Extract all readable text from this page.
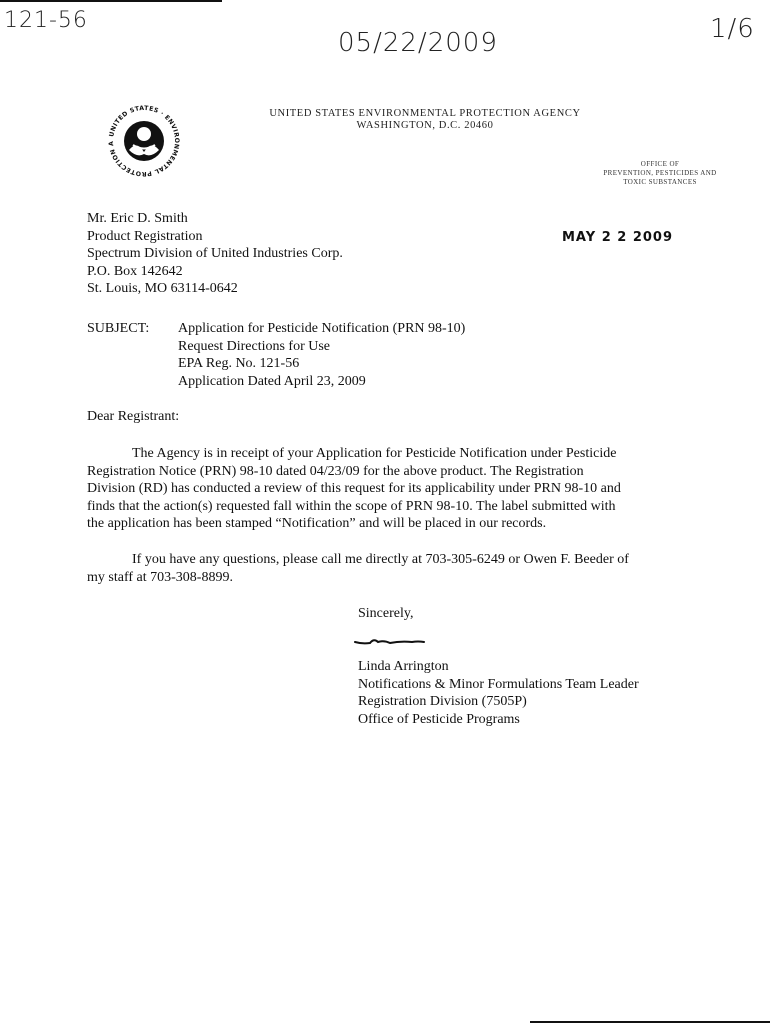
121-56
05/22/2009	1/6
UNITED STATES · ENVIRONMENTAL PROTECTION A
UNITED STATES ENVIRONMENTAL PROTECTION AGENCY
WASHINGTON, D.C. 20460
OFFICE OF
PREVENTION, PESTICIDES AND
TOXIC SUBSTANCES
Mr. Eric D. Smith
Product Registration
Spectrum Division of United Industries Corp.
P.O. Box 142642
St. Louis, MO 63114-0642
MAY 2 2 2009
SUBJECT: Application for Pesticide Notification (PRN 98-10)
Request Directions for Use
EPA Reg. No. 121-56
Application Dated April 23, 2009
Dear Registrant:
The Agency is in receipt of your Application for Pesticide Notification under Pesticide
Registration Notice (PRN) 98-10 dated 04/23/09 for the above product. The Registration
Division (RD) has conducted a review of this request for its applicability under PRN 98-10 and
finds that the action(s) requested fall within the scope of PRN 98-10. The label submitted with
the application has been stamped “Notification” and will be placed in our records.
If you have any questions, please call me directly at 703-305-6249 or Owen F. Beeder of
my staff at 703-308-8899.
Sincerely,
Linda Arrington
Notifications & Minor Formulations Team Leader
Registration Division (7505P)
Office of Pesticide Programs
